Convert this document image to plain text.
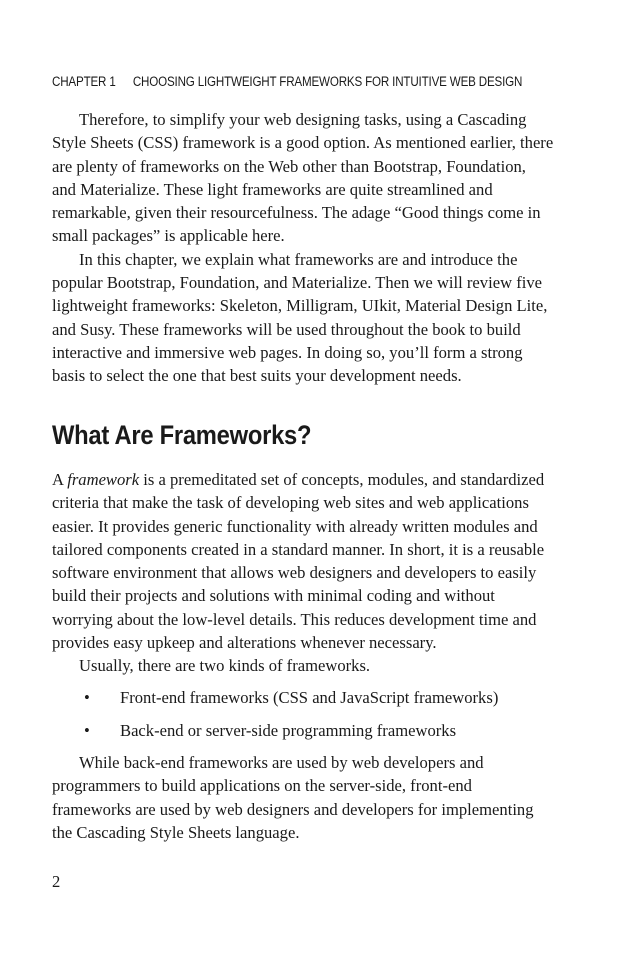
CHAPTER 1 CHOOSING LIGHTWEIGHT FRAMEWORKS FOR INTUITIVE WEB DESIGN
Therefore, to simplify your web designing tasks, using a Cascading
Style Sheets (CSS) framework is a good option. As mentioned earlier, there
are plenty of frameworks on the Web other than Bootstrap, Foundation,
and Materialize. These light frameworks are quite streamlined and
remarkable, given their resourcefulness. The adage “Good things come in
small packages” is applicable here.
In this chapter, we explain what frameworks are and introduce the
popular Bootstrap, Foundation, and Materialize. Then we will review five
lightweight frameworks: Skeleton, Milligram, UIkit, Material Design Lite,
and Susy. These frameworks will be used throughout the book to build
interactive and immersive web pages. In doing so, you’ll form a strong
basis to select the one that best suits your development needs.
What Are Frameworks?
A framework is a premeditated set of concepts, modules, and standardized
criteria that make the task of developing web sites and web applications
easier. It provides generic functionality with already written modules and
tailored components created in a standard manner. In short, it is a reusable
software environment that allows web designers and developers to easily
build their projects and solutions with minimal coding and without
worrying about the low-level details. This reduces development time and
provides easy upkeep and alterations whenever necessary.
Usually, there are two kinds of frameworks.
• Front-end frameworks (CSS and JavaScript frameworks)
• Back-end or server-side programming frameworks
While back-end frameworks are used by web developers and
programmers to build applications on the server-side, front-end
frameworks are used by web designers and developers for implementing
the Cascading Style Sheets language.
2
